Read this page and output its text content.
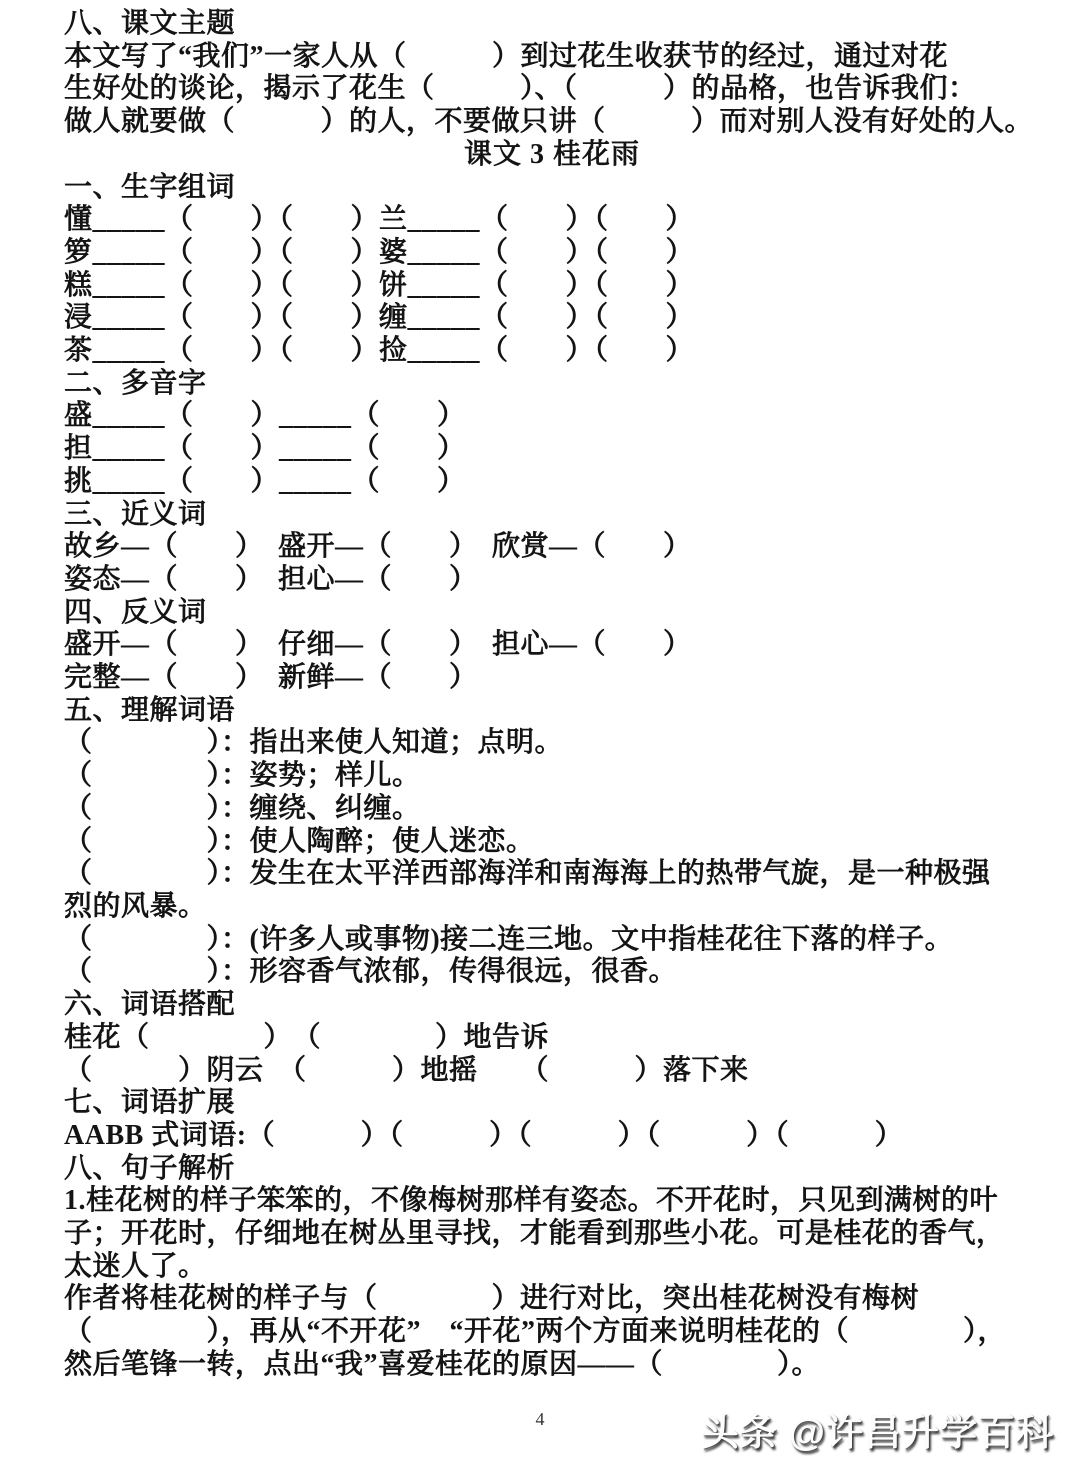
八、课文主题
本文写了“我们”一家人从（　　　）到过花生收获节的经过，通过对花
生好处的谈论，揭示了花生（　　　）、（　　　）的品格，也告诉我们：
做人就要做（　　　）的人，不要做只讲（　　　）而对别人没有好处的人。
课文 3 桂花雨
一、生字组词
懂_____（　　）（　　）兰_____（　　）（　　）
箩_____（　　）（　　）婆_____（　　）（　　）
糕_____（　　）（　　）饼_____（　　）（　　）
浸_____（　　）（　　）缠_____（　　）（　　）
茶_____（　　）（　　）捡_____（　　）（　　）
二、多音字
盛_____（　　）_____（　　）
担_____（　　）_____（　　）
挑_____（　　）_____（　　）
三、近义词
故乡—（　　）　盛开—（　　）　欣赏—（　　）
姿态—（　　）　担心—（　　）
四、反义词
盛开—（　　）　仔细—（　　）　担心—（　　）
完整—（　　）　新鲜—（　　）
五、理解词语
（　　　　）：指出来使人知道；点明。
（　　　　）：姿势；样儿。
（　　　　）：缠绕、纠缠。
（　　　　）：使人陶醉；使人迷恋。
（　　　　）：发生在太平洋西部海洋和南海海上的热带气旋，是一种极强
烈的风暴。
（　　　　）：(许多人或事物)接二连三地。文中指桂花往下落的样子。
（　　　　）：形容香气浓郁，传得很远，很香。
六、词语搭配
桂花（　　　　）　（　　　　）地告诉
（　　　）阴云　（　　　）地摇　　（　　　）落下来
七、词语扩展
AABB 式词语:（　　　）（　　　）（　　　）（　　　）（　　　）
八、句子解析
1.桂花树的样子笨笨的，不像梅树那样有姿态。不开花时，只见到满树的叶
子；开花时，仔细地在树丛里寻找，才能看到那些小花。可是桂花的香气，
太迷人了。
作者将桂花树的样子与（　　　　）进行对比，突出桂花树没有梅树
（　　　　），再从“不开花”　“开花”两个方面来说明桂花的（　　　　），
然后笔锋一转，点出“我”喜爱桂花的原因——（　　　　）。
4	头条 @许昌升学百科
